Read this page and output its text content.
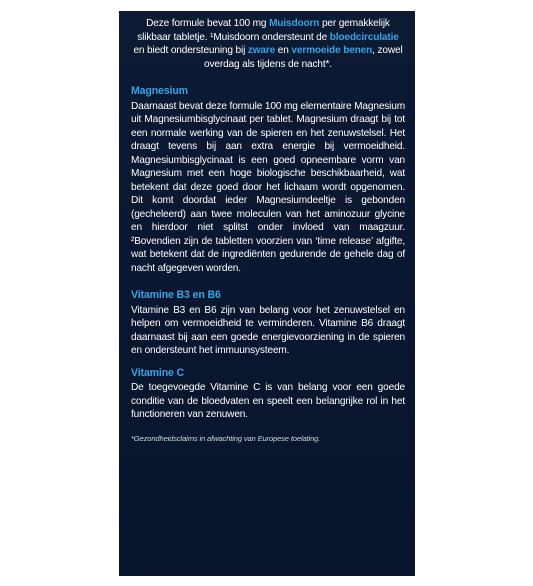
Deze formule bevat 100 mg Muisdoorn per gemakkelijk slikbaar tabletje. ¹Muisdoorn ondersteunt de bloedcirculatie en biedt ondersteuning bij zware en vermoeide benen, zowel overdag als tijdens de nacht*.

Magnesium

Daarnaast bevat deze formule 100 mg elementaire Magnesium uit Magnesiumbisglycinaat per tablet. Magnesium draagt bij tot een normale werking van de spieren en het zenuwstelsel. Het draagt tevens bij aan extra energie bij vermoeidheid. Magnesiumbisglycinaat is een goed opneembare vorm van Magnesium met een hoge biologische beschikbaarheid, wat betekent dat deze goed door het lichaam wordt opgenomen. Dit komt doordat ieder Magnesiumdeeltje is gebonden (gecheleerd) aan twee moleculen van het aminozuur glycine en hierdoor niet splitst onder invloed van maagzuur. ²Bovendien zijn de tabletten voorzien van ‘time release’ afgifte, wat betekent dat de ingrediënten gedurende de gehele dag of nacht afgegeven worden.

Vitamine B3 en B6

Vitamine B3 en B6 zijn van belang voor het zenuwstelsel en helpen om vermoeidheid te verminderen. Vitamine B6 draagt daarnaast bij aan een goede energievoorziening in de spieren en ondersteunt het immuunsysteem.

Vitamine C

De toegevoegde Vitamine C is van belang voor een goede conditie van de bloedvaten en speelt een belangrijke rol in het functioneren van zenuwen.

*Gezondheidsclaims in afwachting van Europese toelating.
